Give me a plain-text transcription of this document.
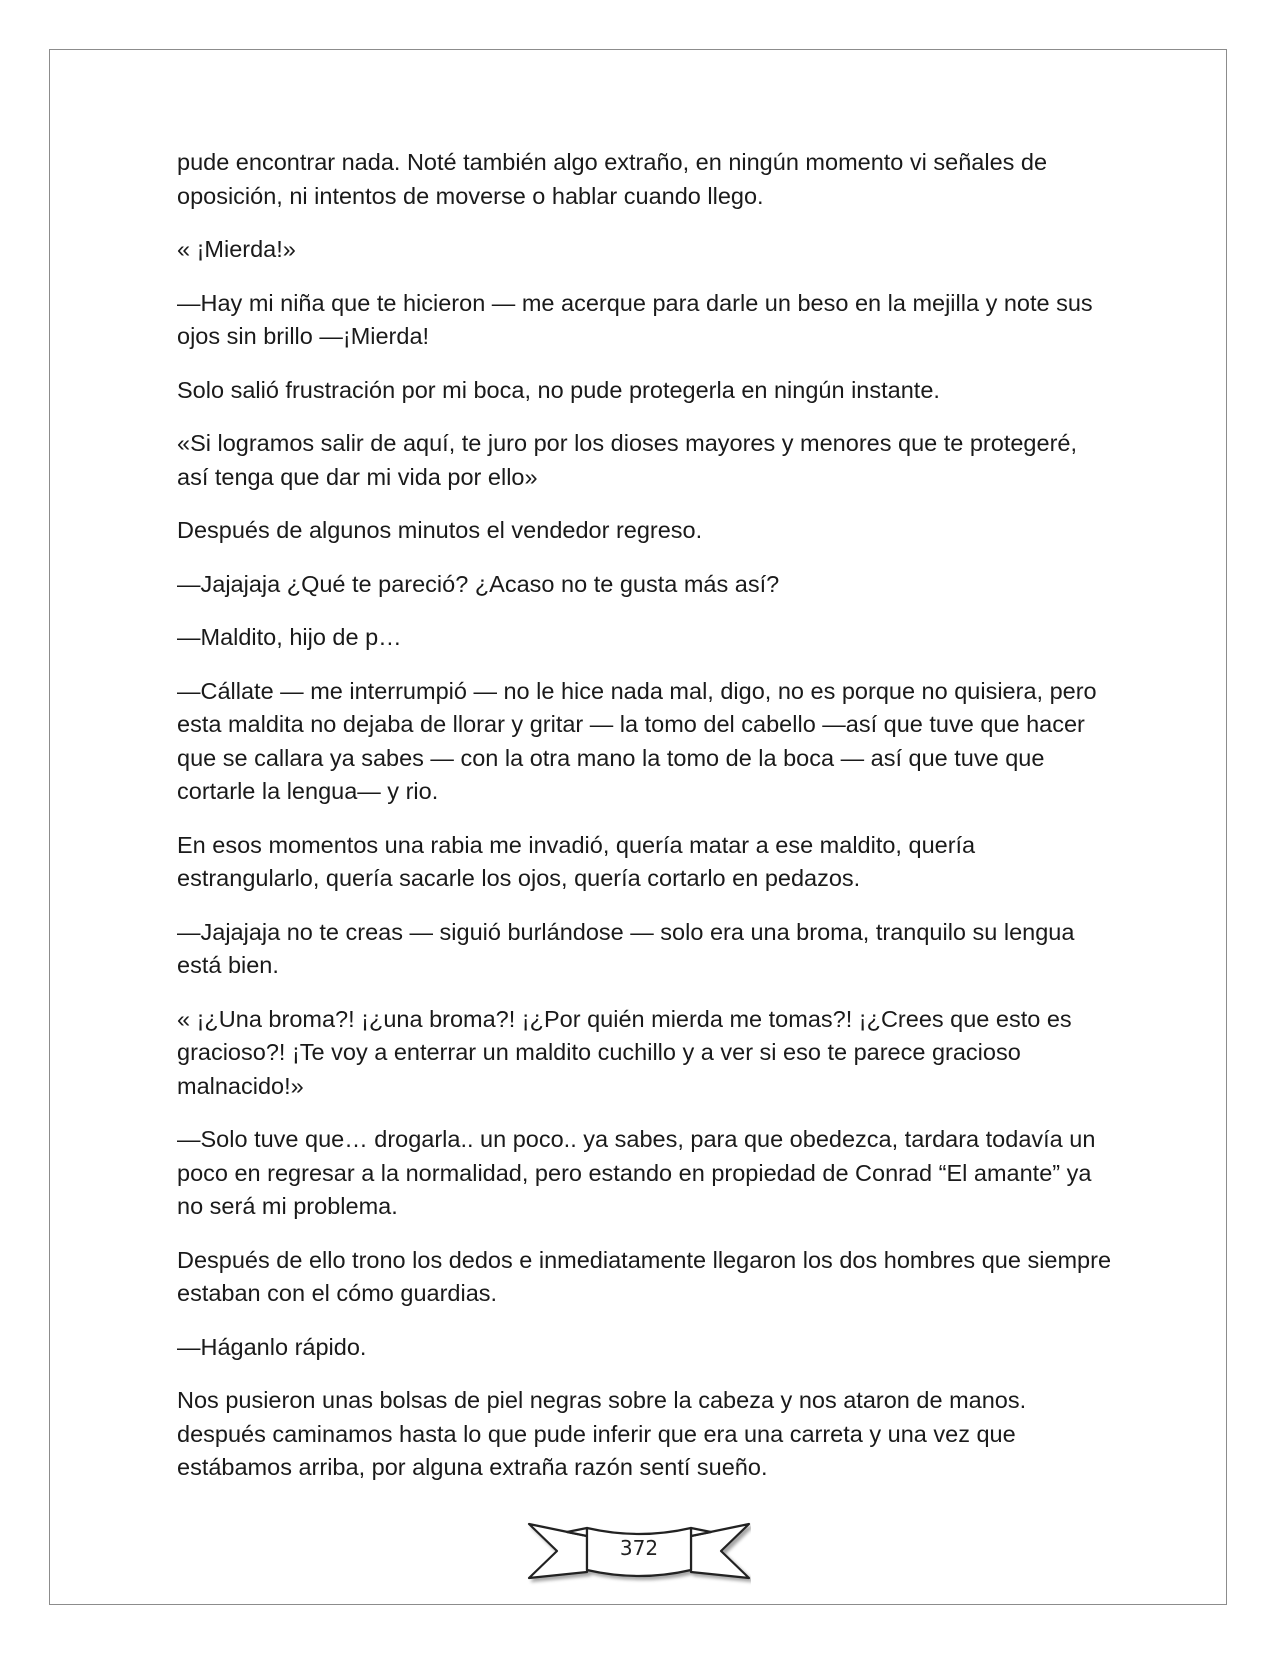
pude encontrar nada. Noté también algo extraño, en ningún momento vi señales de oposición, ni intentos de moverse o hablar cuando llego.

« ¡Mierda!»

—Hay mi niña que te hicieron — me acerque para darle un beso en la mejilla y note sus ojos sin brillo —¡Mierda!

Solo salió frustración por mi boca, no pude protegerla en ningún instante.

«Si logramos salir de aquí, te juro por los dioses mayores y menores que te protegeré, así tenga que dar mi vida por ello»

Después de algunos minutos el vendedor regreso.

—Jajajaja ¿Qué te pareció? ¿Acaso no te gusta más así?

—Maldito, hijo de p…

—Cállate — me interrumpió — no le hice nada mal, digo, no es porque no quisiera, pero esta maldita no dejaba de llorar y gritar — la tomo del cabello —así que tuve que hacer que se callara ya sabes — con la otra mano la tomo de la boca — así que tuve que cortarle la lengua— y rio.

En esos momentos una rabia me invadió, quería matar a ese maldito, quería estrangularlo, quería sacarle los ojos, quería cortarlo en pedazos.

—Jajajaja no te creas — siguió burlándose — solo era una broma, tranquilo su lengua está bien.

« ¡¿Una broma?! ¡¿una broma?! ¡¿Por quién mierda me tomas?! ¡¿Crees que esto es gracioso?! ¡Te voy a enterrar un maldito cuchillo y a ver si eso te parece gracioso malnacido!»

—Solo tuve que… drogarla.. un poco.. ya sabes, para que obedezca, tardara todavía un poco en regresar a la normalidad, pero estando en propiedad de Conrad “El amante” ya no será mi problema.

Después de ello trono los dedos e inmediatamente llegaron los dos hombres que siempre estaban con el cómo guardias.

—Háganlo rápido.

Nos pusieron unas bolsas de piel negras sobre la cabeza y nos ataron de manos. después caminamos hasta lo que pude inferir que era una carreta y una vez que estábamos arriba, por alguna extraña razón sentí sueño.

372
